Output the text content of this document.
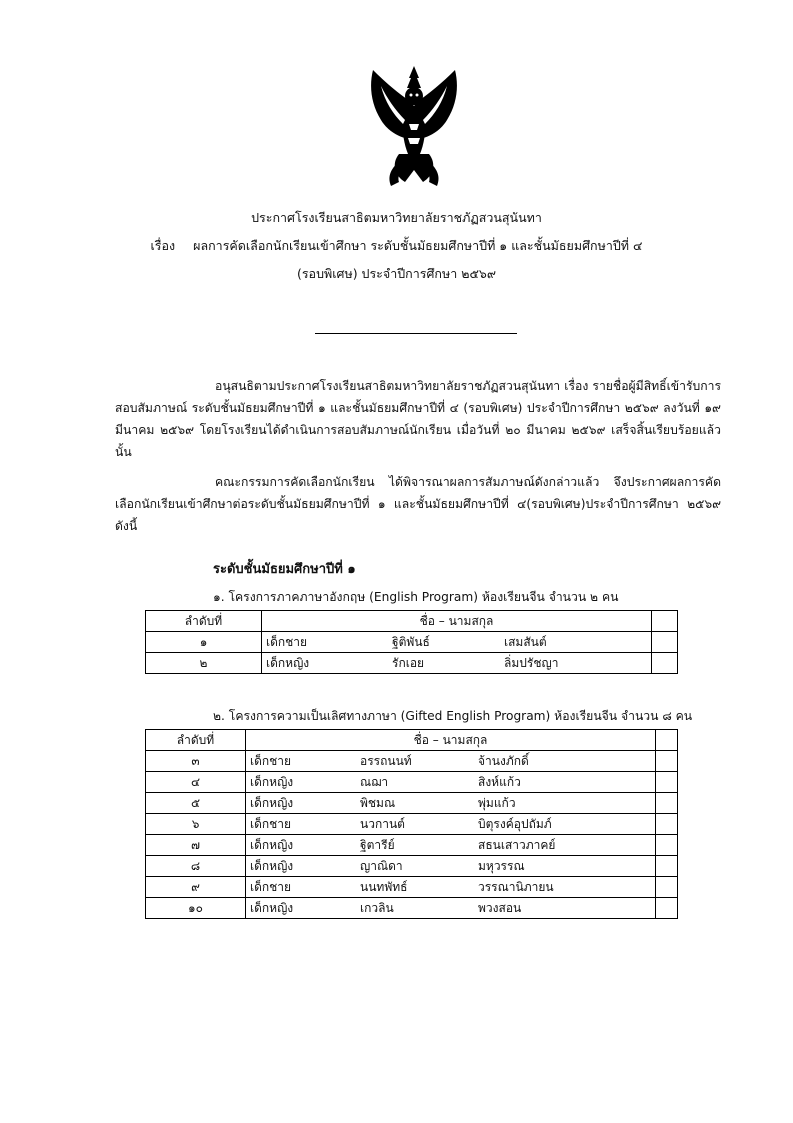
ประกาศโรงเรียนสาธิตมหาวิทยาลัยราชภัฏสวนสุนันทา
เรื่อง ผลการคัดเลือกนักเรียนเข้าศึกษา ระดับชั้นมัธยมศึกษาปีที่ ๑ และชั้นมัธยมศึกษาปีที่ ๔
(รอบพิเศษ) ประจำปีการศึกษา ๒๕๖๙
อนุสนธิตามประกาศโรงเรียนสาธิตมหาวิทยาลัยราชภัฏสวนสุนันทา เรื่อง รายชื่อผู้มีสิทธิ์เข้ารับการสอบสัมภาษณ์ ระดับชั้นมัธยมศึกษาปีที่ ๑ และชั้นมัธยมศึกษาปีที่ ๔ (รอบพิเศษ) ประจำปีการศึกษา ๒๕๖๙ ลงวันที่ ๑๙ มีนาคม ๒๕๖๙ โดยโรงเรียนได้ดำเนินการสอบสัมภาษณ์นักเรียน เมื่อวันที่ ๒๐ มีนาคม ๒๕๖๙ เสร็จสิ้นเรียบร้อยแล้ว นั้น
คณะกรรมการคัดเลือกนักเรียน ได้พิจารณาผลการสัมภาษณ์ดังกล่าวแล้ว จึงประกาศผลการคัดเลือกนักเรียนเข้าศึกษาต่อระดับชั้นมัธยมศึกษาปีที่ ๑ และชั้นมัธยมศึกษาปีที่ ๔(รอบพิเศษ)ประจำปีการศึกษา ๒๕๖๙ ดังนี้
ระดับชั้นมัธยมศึกษาปีที่ ๑
๑. โครงการภาคภาษาอังกฤษ (English Program) ห้องเรียนจีน จำนวน ๒ คน
ลำดับที่	ชื่อ – นามสกุล	
๑	เด็กชาย ฐิติพันธ์ เสมสันต์	
๒	เด็กหญิง รักเอย ลิ่มปรัชญา	
๒. โครงการความเป็นเลิศทางภาษา (Gifted English Program) ห้องเรียนจีน จำนวน ๘ คน
ลำดับที่	ชื่อ – นามสกุล	
๓	เด็กชาย อรรถนนท์ จ้านงภักดิ์	
๔	เด็กหญิง ณฌา สิงห์แก้ว	
๕	เด็กหญิง พิชมณ พุ่มแก้ว	
๖	เด็กชาย นวกานต์ บิตุรงค์อุปถัมภ์	
๗	เด็กหญิง ฐิตารีย์ สธนเสาวภาคย์	
๘	เด็กหญิง ญาณิดา มหุวรรณ	
๙	เด็กชาย นนทพัทธ์ วรรณานิภายน	
๑๐	เด็กหญิง เกวลิน พวงสอน	
